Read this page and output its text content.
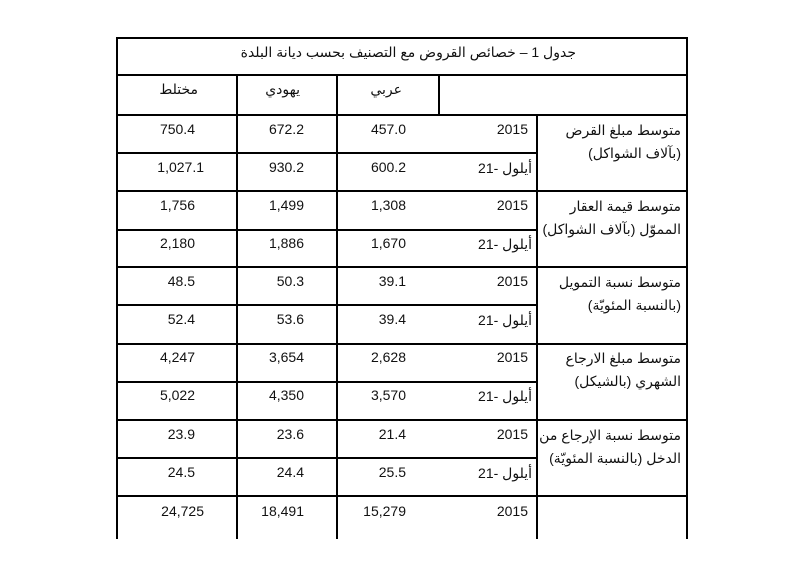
جدول 1 – خصائص القروض مع التصنيف بحسب ديانة البلدة
عربي
يهودي
مختلط
متوسط مبلغ القرض
(بآلاف الشواكل)
2015
457.0
672.2
750.4
أيلول -21
600.2
930.2
1,027.1
متوسط قيمة العقار
المموّل (بآلاف الشواكل)
2015
1,308
1,499
1,756
أيلول -21
1,670
1,886
2,180
متوسط نسبة التمويل
(بالنسبة المئويّة)
2015
39.1
50.3
48.5
أيلول -21
39.4
53.6
52.4
متوسط مبلغ الارجاع
الشهري (بالشيكل)
2015
2,628
3,654
4,247
أيلول -21
3,570
4,350
5,022
متوسط نسبة الإرجاع من
الدخل (بالنسبة المئويّة)
2015
21.4
23.6
23.9
أيلول -21
25.5
24.4
24.5
2015
15,279
18,491
24,725
